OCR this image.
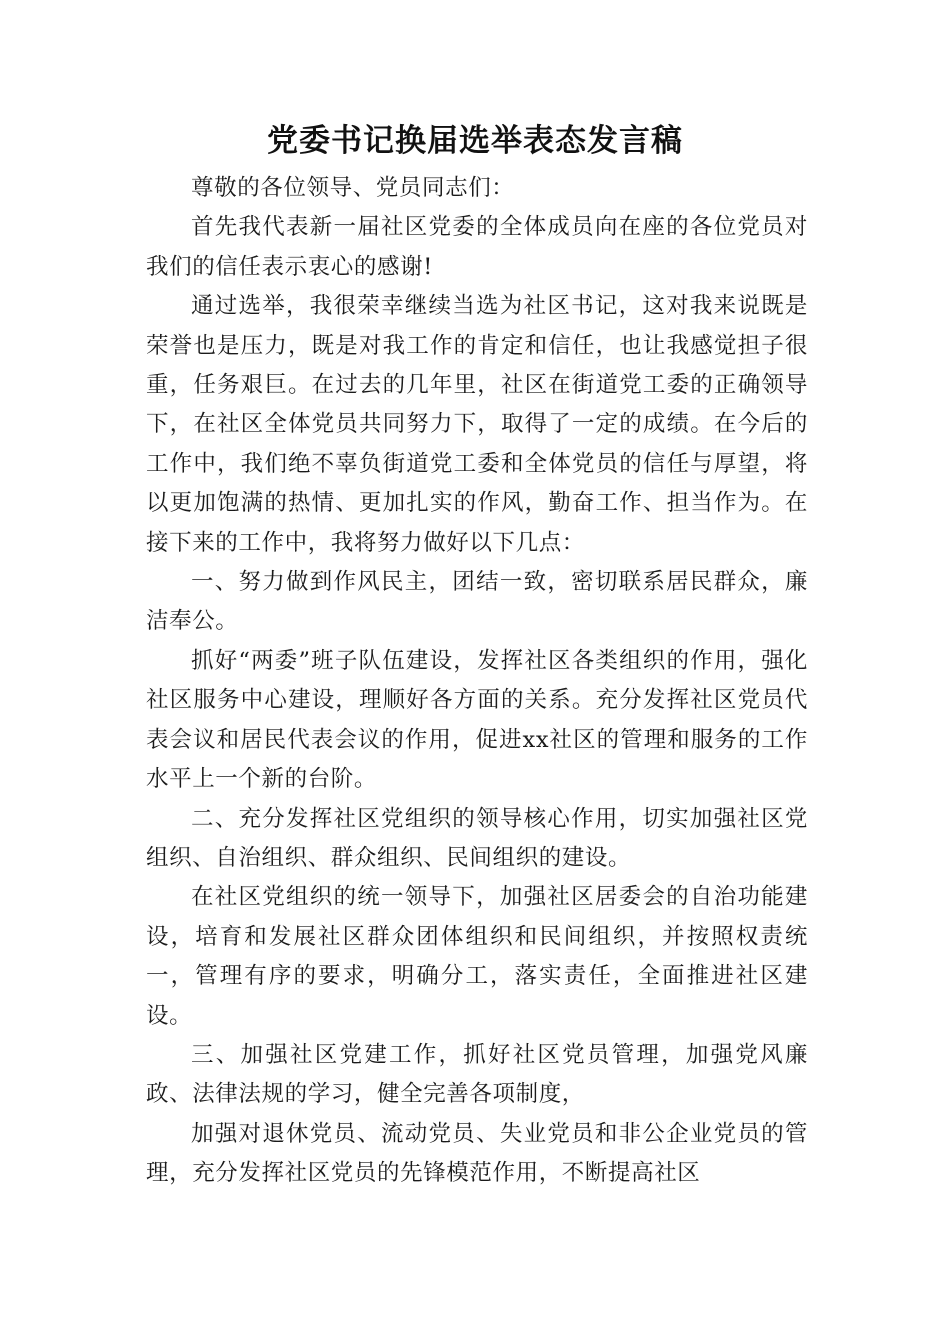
党委书记换届选举表态发言稿

尊敬的各位领导、党员同志们：

首先我代表新一届社区党委的全体成员向在座的各位党员对我们的信任表示衷心的感谢!

通过选举，我很荣幸继续当选为社区书记，这对我来说既是荣誉也是压力，既是对我工作的肯定和信任，也让我感觉担子很重，任务艰巨。在过去的几年里，社区在街道党工委的正确领导下，在社区全体党员共同努力下，取得了一定的成绩。在今后的工作中，我们绝不辜负街道党工委和全体党员的信任与厚望，将以更加饱满的热情、更加扎实的作风，勤奋工作、担当作为。在接下来的工作中，我将努力做好以下几点：

一、努力做到作风民主，团结一致，密切联系居民群众，廉洁奉公。

抓好“两委”班子队伍建设，发挥社区各类组织的作用，强化社区服务中心建设，理顺好各方面的关系。充分发挥社区党员代表会议和居民代表会议的作用，促进xx社区的管理和服务的工作水平上一个新的台阶。

二、充分发挥社区党组织的领导核心作用，切实加强社区党组织、自治组织、群众组织、民间组织的建设。

在社区党组织的统一领导下，加强社区居委会的自治功能建设，培育和发展社区群众团体组织和民间组织，并按照权责统一，管理有序的要求，明确分工，落实责任，全面推进社区建设。

三、加强社区党建工作，抓好社区党员管理，加强党风廉政、法律法规的学习，健全完善各项制度，

加强对退休党员、流动党员、失业党员和非公企业党员的管理，充分发挥社区党员的先锋模范作用，不断提高社区
